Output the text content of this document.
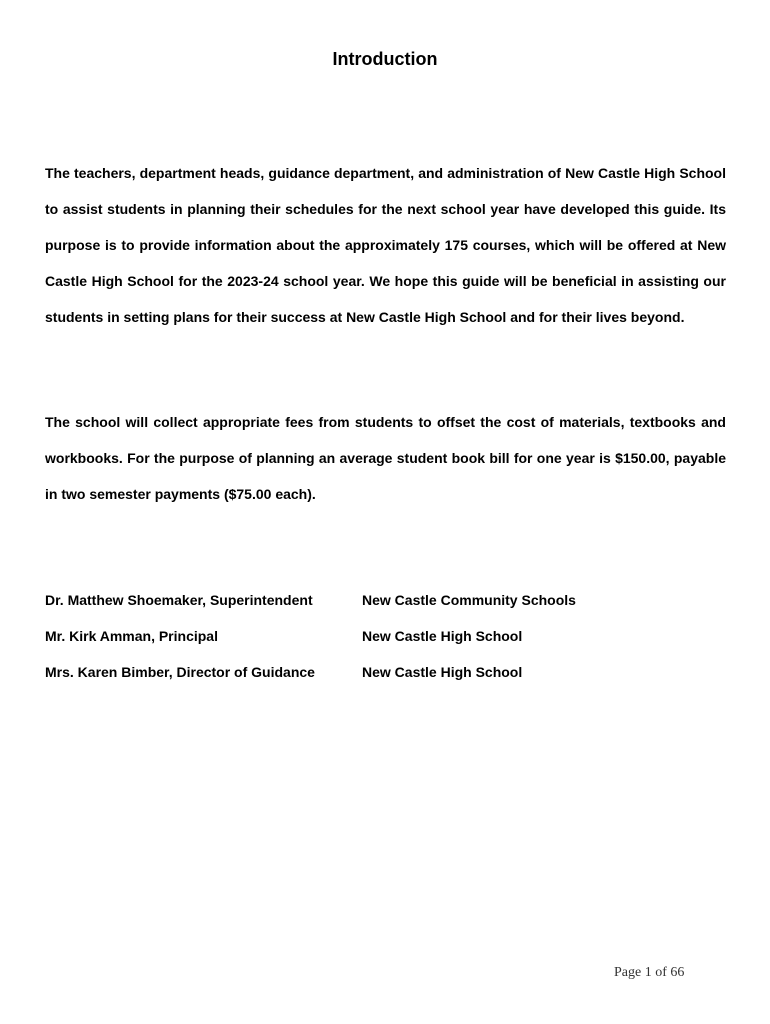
Introduction

The teachers, department heads, guidance department, and administration of New Castle High School to assist students in planning their schedules for the next school year have developed this guide. Its purpose is to provide information about the approximately 175 courses, which will be offered at New Castle High School for the 2023-24 school year. We hope this guide will be beneficial in assisting our students in setting plans for their success at New Castle High School and for their lives beyond.

The school will collect appropriate fees from students to offset the cost of materials, textbooks and workbooks. For the purpose of planning an average student book bill for one year is $150.00, payable in two semester payments ($75.00 each).

Dr. Matthew Shoemaker, Superintendent	New Castle Community Schools
Mr. Kirk Amman, Principal	New Castle High School
Mrs. Karen Bimber, Director of Guidance	New Castle High School
Page 1 of 66
